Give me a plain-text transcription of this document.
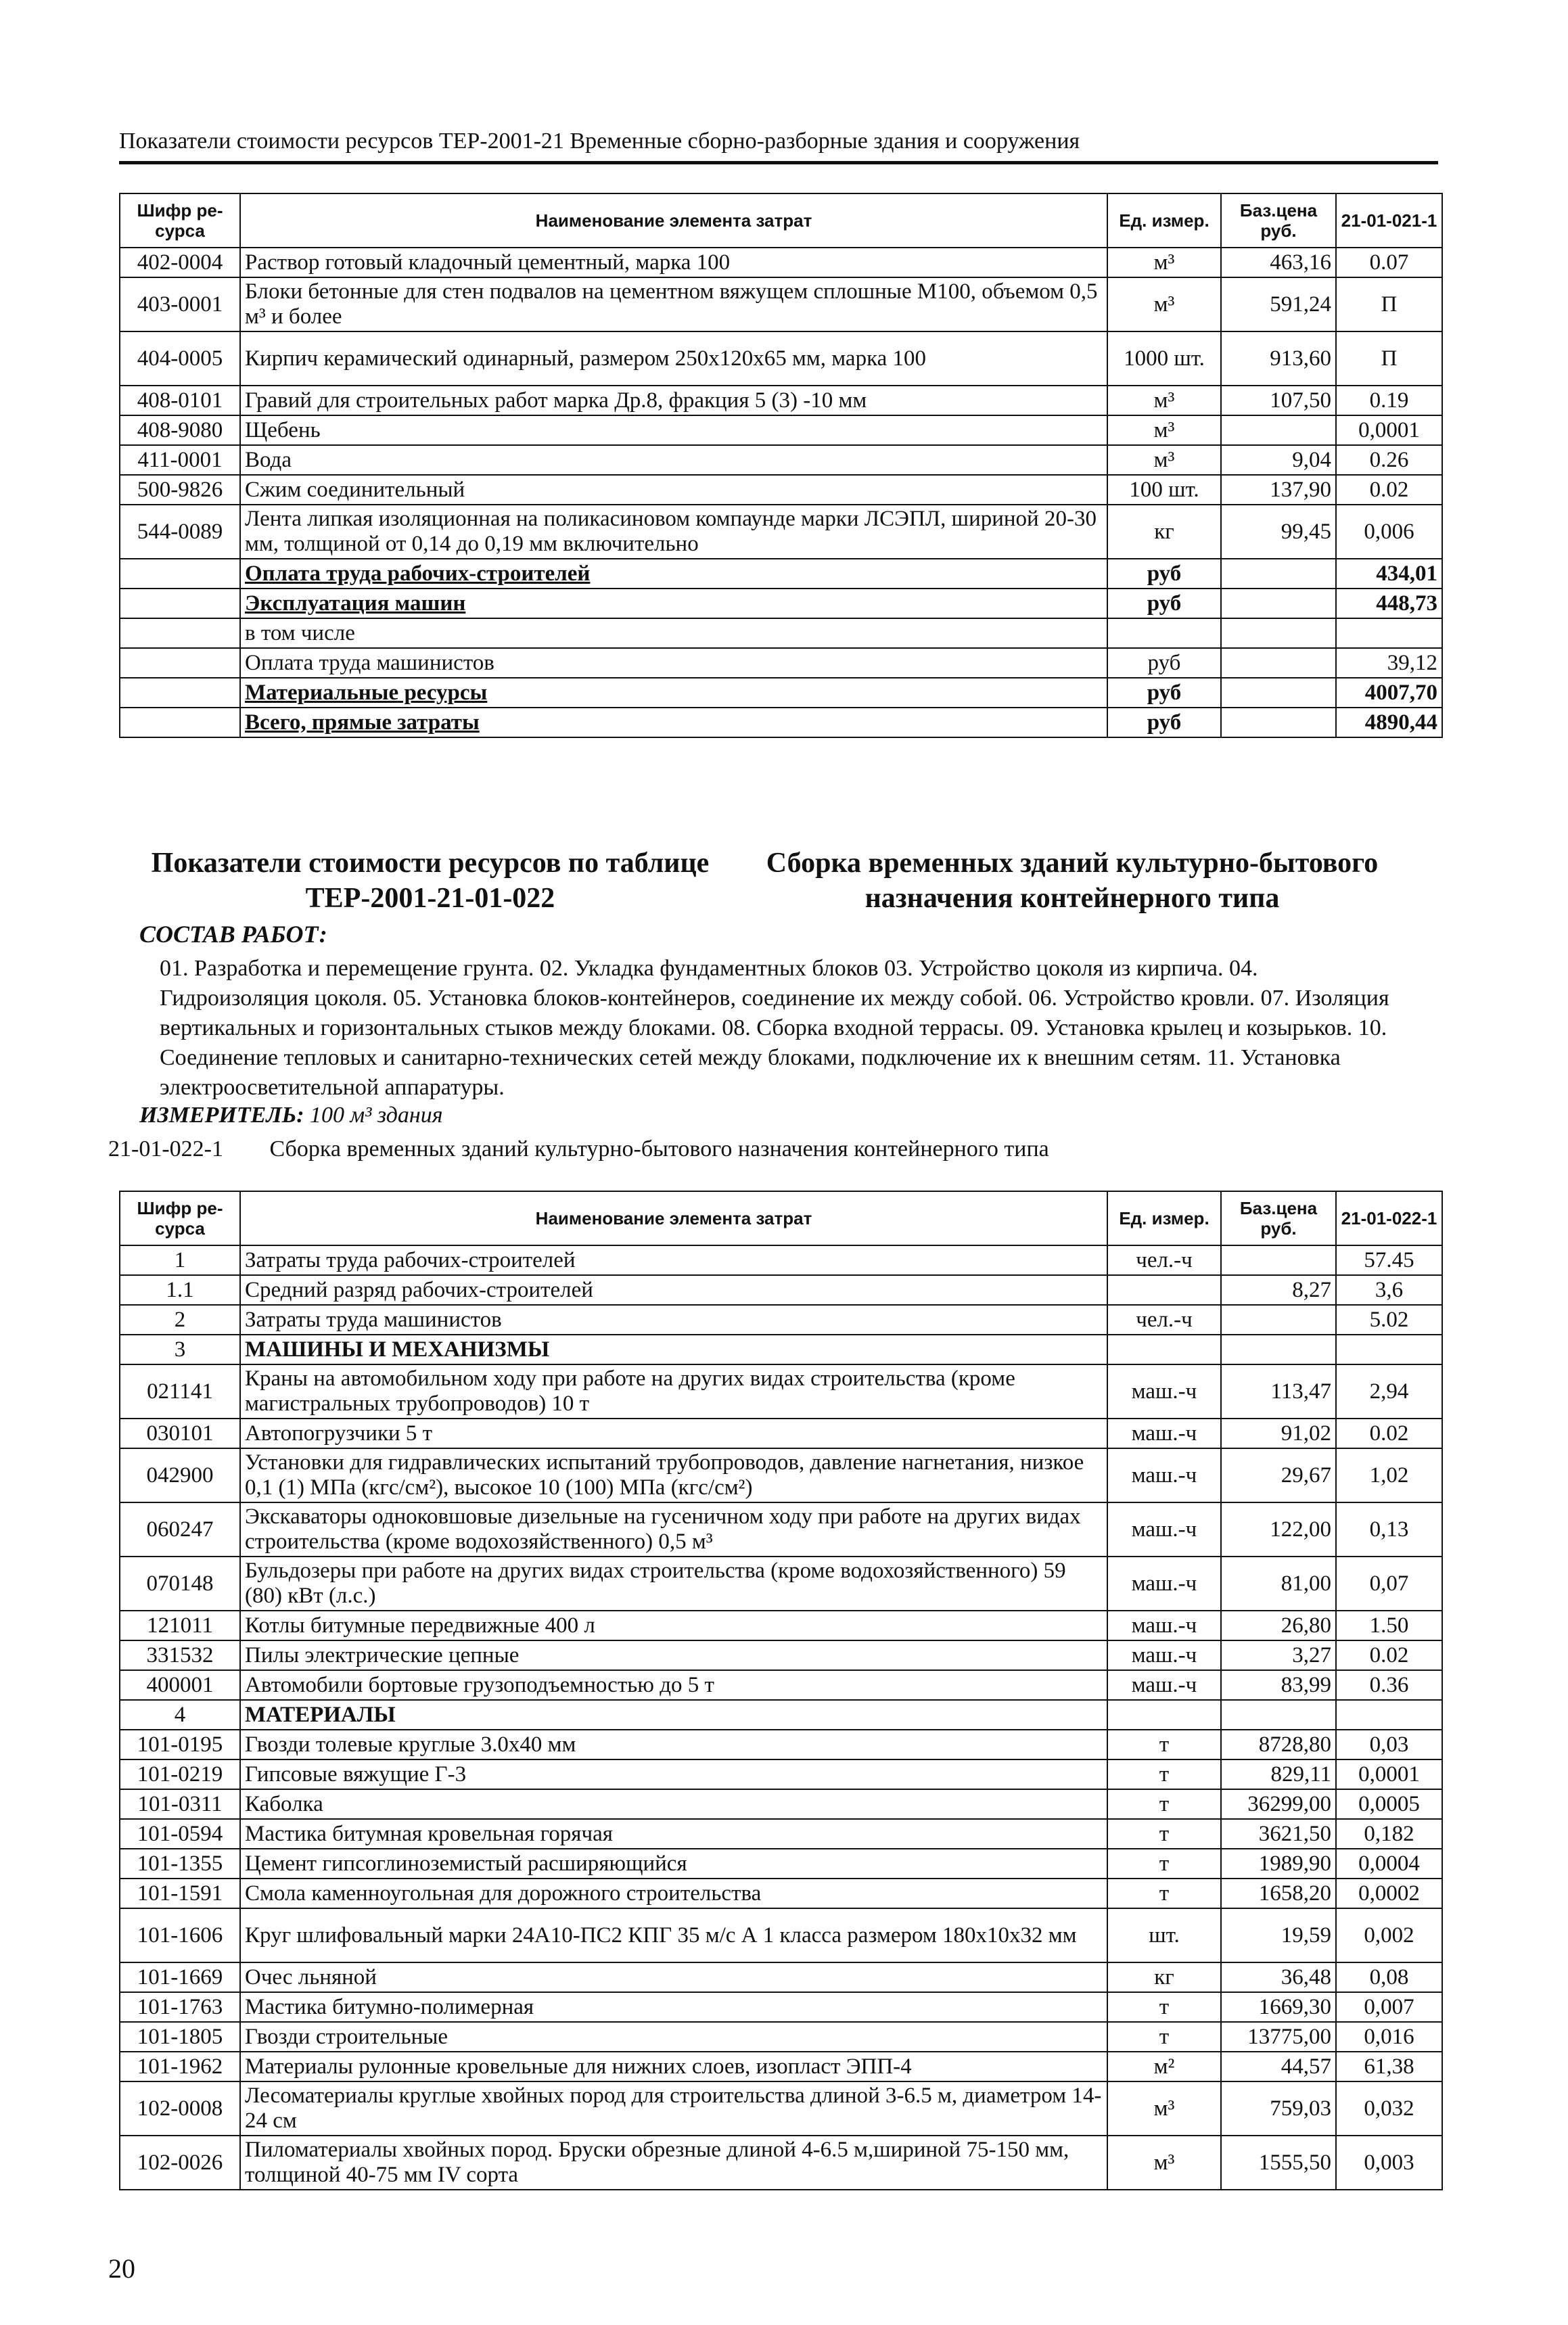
Показатели стоимости ресурсов ТЕР-2001-21 Временные сборно-разборные здания и сооружения
Шифр ре-сурса	Наименование элемента затрат	Ед. измер.	Баз.цена руб.	21-01-021-1
402-0004	Раствор готовый кладочный цементный, марка 100	м³	463,16	0.07
403-0001	Блоки бетонные для стен подвалов на цементном вяжущем сплошные М100, объемом 0,5 м³ и более	м³	591,24	П
404-0005	Кирпич керамический одинарный, размером 250х120х65 мм, марка 100	1000 шт.	913,60	П
408-0101	Гравий для строительных работ марка Др.8, фракция 5 (3) -10 мм	м³	107,50	0.19
408-9080	Щебень	м³		0,0001
411-0001	Вода	м³	9,04	0.26
500-9826	Сжим соединительный	100 шт.	137,90	0.02
544-0089	Лента липкая изоляционная на поликасиновом компаунде марки ЛСЭПЛ, шириной 20-30 мм, толщиной от 0,14 до 0,19 мм включительно	кг	99,45	0,006
	Оплата труда рабочих-строителей	руб		434,01
	Эксплуатация машин	руб		448,73
	в том числе			
	Оплата труда машинистов	руб		39,12
	Материальные ресурсы	руб		4007,70
	Всего, прямые затраты	руб		4890,44
Показатели стоимости ресурсов по таблице ТЕР-2001-21-01-022
Сборка временных зданий культурно-бытового назначения контейнерного типа
СОСТАВ РАБОТ:
01. Разработка и перемещение грунта. 02. Укладка фундаментных блоков 03. Устройство цоколя из кирпича. 04. Гидроизоляция цоколя. 05. Установка блоков-контейнеров, соединение их между собой. 06. Устройство кровли. 07. Изоляция вертикальных и горизонтальных стыков между блоками. 08. Сборка входной террасы. 09. Установка крылец и козырьков. 10. Соединение тепловых и санитарно-технических сетей между блоками, подключение их к внешним сетям. 11. Установка электроосветительной аппаратуры.
ИЗМЕРИТЕЛЬ: 100 м³ здания
21-01-022-1 Сборка временных зданий культурно-бытового назначения контейнерного типа
Шифр ре-сурса	Наименование элемента затрат	Ед. измер.	Баз.цена руб.	21-01-022-1
1	Затраты труда рабочих-строителей	чел.-ч		57.45
1.1	Средний разряд рабочих-строителей		8,27	3,6
2	Затраты труда машинистов	чел.-ч		5.02
3	МАШИНЫ И МЕХАНИЗМЫ			
021141	Краны на автомобильном ходу при работе на других видах строительства (кроме магистральных трубопроводов) 10 т	маш.-ч	113,47	2,94
030101	Автопогрузчики 5 т	маш.-ч	91,02	0.02
042900	Установки для гидравлических испытаний трубопроводов, давление нагнетания, низкое 0,1 (1) МПа (кгс/см²), высокое 10 (100) МПа (кгс/см²)	маш.-ч	29,67	1,02
060247	Экскаваторы одноковшовые дизельные на гусеничном ходу при работе на других видах строительства (кроме водохозяйственного) 0,5 м³	маш.-ч	122,00	0,13
070148	Бульдозеры при работе на других видах строительства (кроме водохозяйственного) 59 (80) кВт (л.с.)	маш.-ч	81,00	0,07
121011	Котлы битумные передвижные 400 л	маш.-ч	26,80	1.50
331532	Пилы электрические цепные	маш.-ч	3,27	0.02
400001	Автомобили бортовые грузоподъемностью до 5 т	маш.-ч	83,99	0.36
4	МАТЕРИАЛЫ			
101-0195	Гвозди толевые круглые 3.0х40 мм	т	8728,80	0,03
101-0219	Гипсовые вяжущие Г-3	т	829,11	0,0001
101-0311	Каболка	т	36299,00	0,0005
101-0594	Мастика битумная кровельная горячая	т	3621,50	0,182
101-1355	Цемент гипсоглиноземистый расширяющийся	т	1989,90	0,0004
101-1591	Смола каменноугольная для дорожного строительства	т	1658,20	0,0002
101-1606	Круг шлифовальный марки 24А10-ПС2 КПГ 35 м/с А 1 класса размером 180х10х32 мм	шт.	19,59	0,002
101-1669	Очес льняной	кг	36,48	0,08
101-1763	Мастика битумно-полимерная	т	1669,30	0,007
101-1805	Гвозди строительные	т	13775,00	0,016
101-1962	Материалы рулонные кровельные для нижних слоев, изопласт ЭПП-4	м²	44,57	61,38
102-0008	Лесоматериалы круглые хвойных пород для строительства длиной 3-6.5 м, диаметром 14-24 см	м³	759,03	0,032
102-0026	Пиломатериалы хвойных пород. Бруски обрезные длиной 4-6.5 м,шириной 75-150 мм, толщиной 40-75 мм IV сорта	м³	1555,50	0,003
20
